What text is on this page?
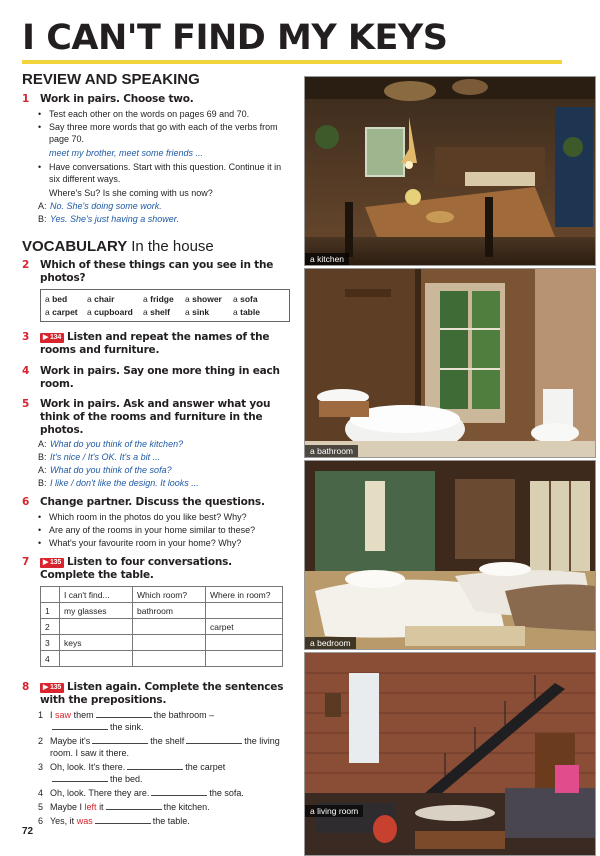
I CAN'T FIND MY KEYS
REVIEW AND SPEAKING
1 Work in pairs. Choose two.
• Test each other on the words on pages 69 and 70.
• Say three more words that go with each of the verbs from page 70.
meet my brother, meet some friends ...
• Have conversations. Start with this question. Continue it in six different ways.
Where's Su? Is she coming with us now?
A: No. She's doing some work.
B: Yes. She's just having a shower.
VOCABULARY In the house
2 Which of these things can you see in the photos?
a bed	a chair	a fridge	a shower	a sofa
a carpet	a cupboard	a shelf	a sink	a table
3 ▶ 134 Listen and repeat the names of the rooms and furniture.
4 Work in pairs. Say one more thing in each room.
5 Work in pairs. Ask and answer what you think of the rooms and furniture in the photos.
A: What do you think of the kitchen?
B: It's nice / It's OK. It's a bit ...
A: What do you think of the sofa?
B: I like / don't like the design. It looks ...
6 Change partner. Discuss the questions.
• Which room in the photos do you like best? Why?
• Are any of the rooms in your home similar to these?
• What's your favourite room in your home? Why?
7 ▶ 135 Listen to four conversations. Complete the table.
	I can't find...	Which room?	Where in room?
1	my glasses	bathroom	
2			carpet
3	keys		
4			
8 ▶ 135 Listen again. Complete the sentences with the prepositions.
1 I saw them	the bathroom –
the sink.
2 Maybe it's	the shelf	the living room. I saw it there.
3 Oh, look. It's there.	the carpet
the bed.
4 Oh, look. There they are.	the sofa.
5 Maybe I left it	the kitchen.
6 Yes, it was	the table.
72
a kitchen
a bathroom
a bedroom
a living room
